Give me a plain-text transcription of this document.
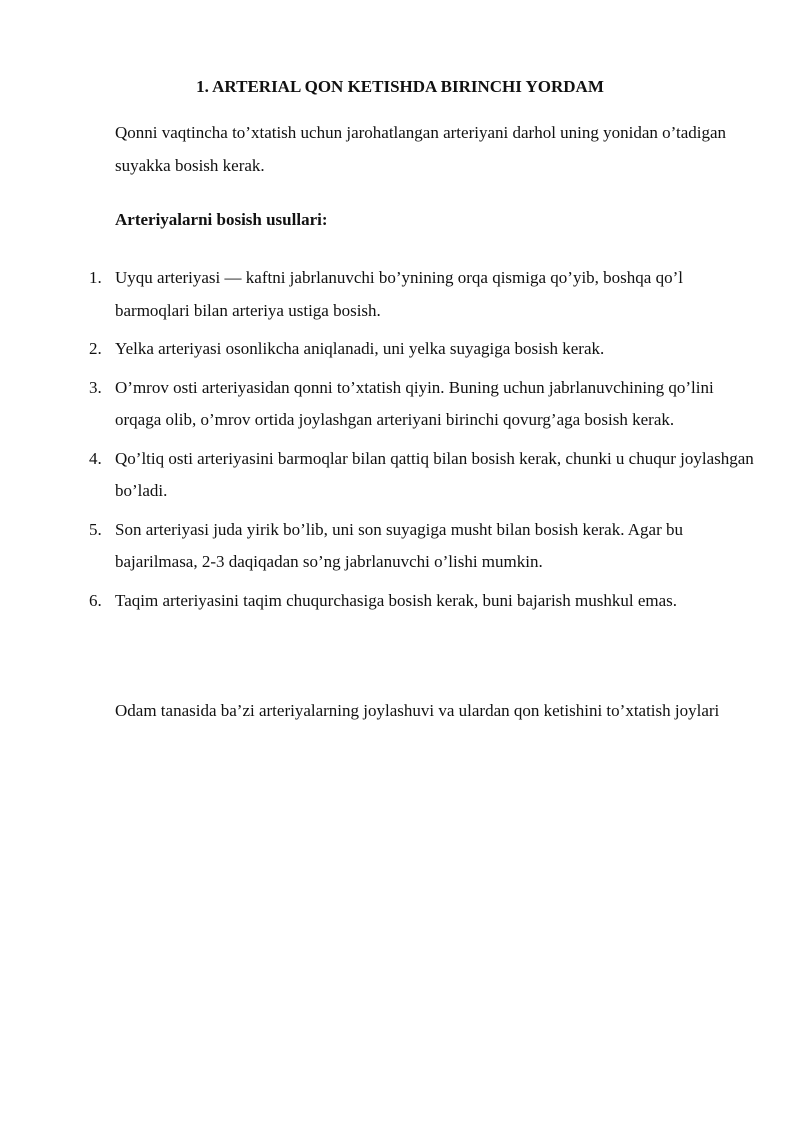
1. ARTERIAL QON KETISHDA BIRINCHI YORDAM

Qonni vaqtincha to’xtatish uchun jarohatlangan arteriyani darhol uning yonidan o’tadigan suyakka bosish kerak.

Arteriyalarni bosish usullari:

1. Uyqu arteriyasi — kaftni jabrlanuvchi bo’ynining orqa qismiga qo’yib, boshqa qo’l barmoqlari bilan arteriya ustiga bosish.
2. Yelka arteriyasi osonlikcha aniqlanadi, uni yelka suyagiga bosish kerak.
3. O’mrov osti arteriyasidan qonni to’xtatish qiyin. Buning uchun jabrlanuvchining qo’lini orqaga olib, o’mrov ortida joylashgan arteriyani birinchi qovurg’aga bosish kerak.
4. Qo’ltiq osti arteriyasini barmoqlar bilan qattiq bilan bosish kerak, chunki u chuqur joylashgan bo’ladi.
5. Son arteriyasi juda yirik bo’lib, uni son suyagiga musht bilan bosish kerak. Agar bu bajarilmasa, 2-3 daqiqadan so’ng jabrlanuvchi o’lishi mumkin.
6. Taqim arteriyasini taqim chuqurchasiga bosish kerak, buni bajarish mushkul emas.

Odam tanasida ba’zi arteriyalarning joylashuvi va ulardan qon ketishini to’xtatish joylari
